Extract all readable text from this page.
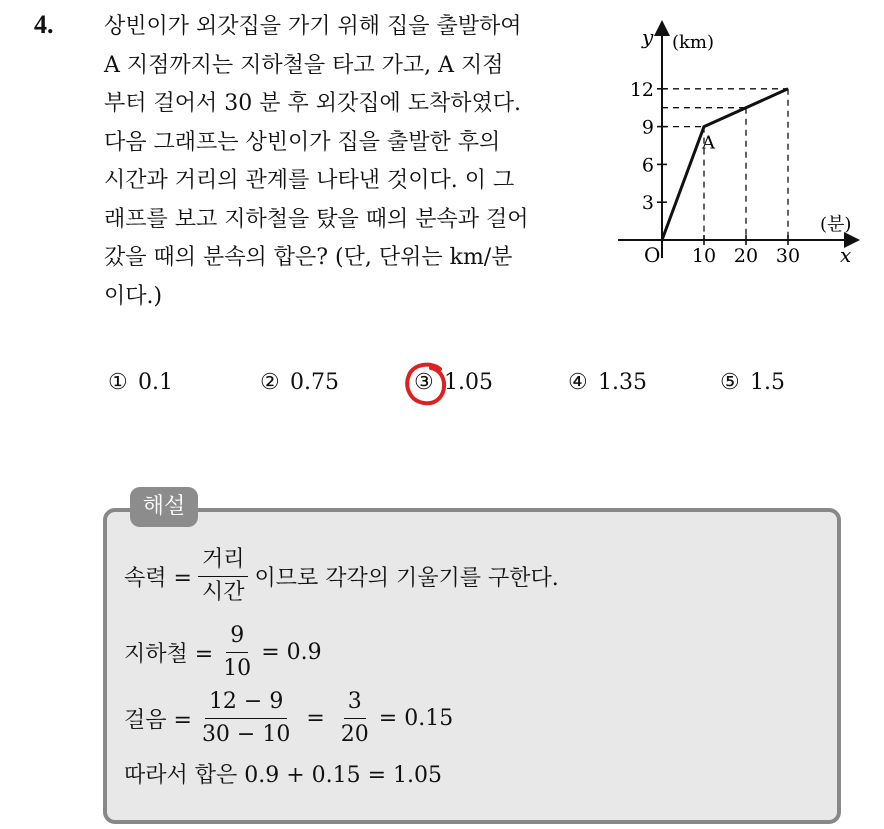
4. 상빈이가 외갓집을 가기 위해 집을 출발하여
A 지점까지는 지하철을 타고 가고, A 지점
부터 걸어서 30 분 후 외갓집에 도착하였다.
다음 그래프는 상빈이가 집을 출발한 후의
시간과 거리의 관계를 나타낸 것이다. 이 그
래프를 보고 지하철을 탔을 때의 분속과 걸어
갔을 때의 분속의 합은? (단, 단위는 km/분
이다.)
y (km)
(분)
x
O
A
3
6
9
12
10 20 30
① 0.1	② 0.75	③ 1.05	④ 1.35	⑤ 1.5
해설
속력 = $\frac{\text{거리}}{\text{시간}}$ 이므로 각각의 기울기를 구한다.
지하철 = $\frac{9}{10} = 0.9$
걸음 = $\frac{12 - 9}{30 - 10} = \frac{3}{20} = 0.15$
따라서 합은 0.9 + 0.15 = 1.05
